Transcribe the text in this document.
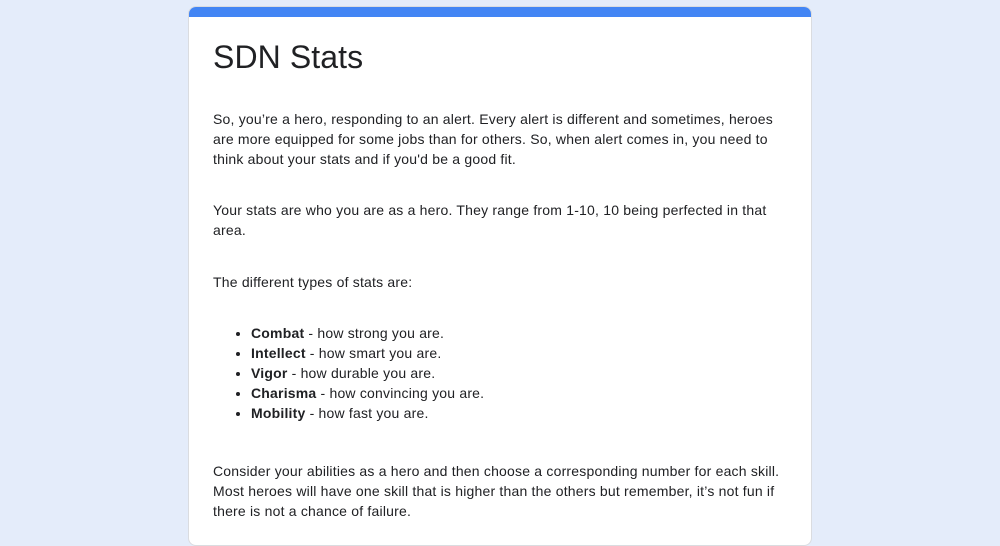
SDN Stats

So, you’re a hero, responding to an alert. Every alert is different and sometimes, heroes are more equipped for some jobs than for others. So, when alert comes in, you need to think about your stats and if you'd be a good fit.

Your stats are who you are as a hero. They range from 1-10, 10 being perfected in that area.

The different types of stats are:

• Combat - how strong you are.
• Intellect - how smart you are.
• Vigor - how durable you are.
• Charisma - how convincing you are.
• Mobility - how fast you are.

Consider your abilities as a hero and then choose a corresponding number for each skill. Most heroes will have one skill that is higher than the others but remember, it’s not fun if there is not a chance of failure.
